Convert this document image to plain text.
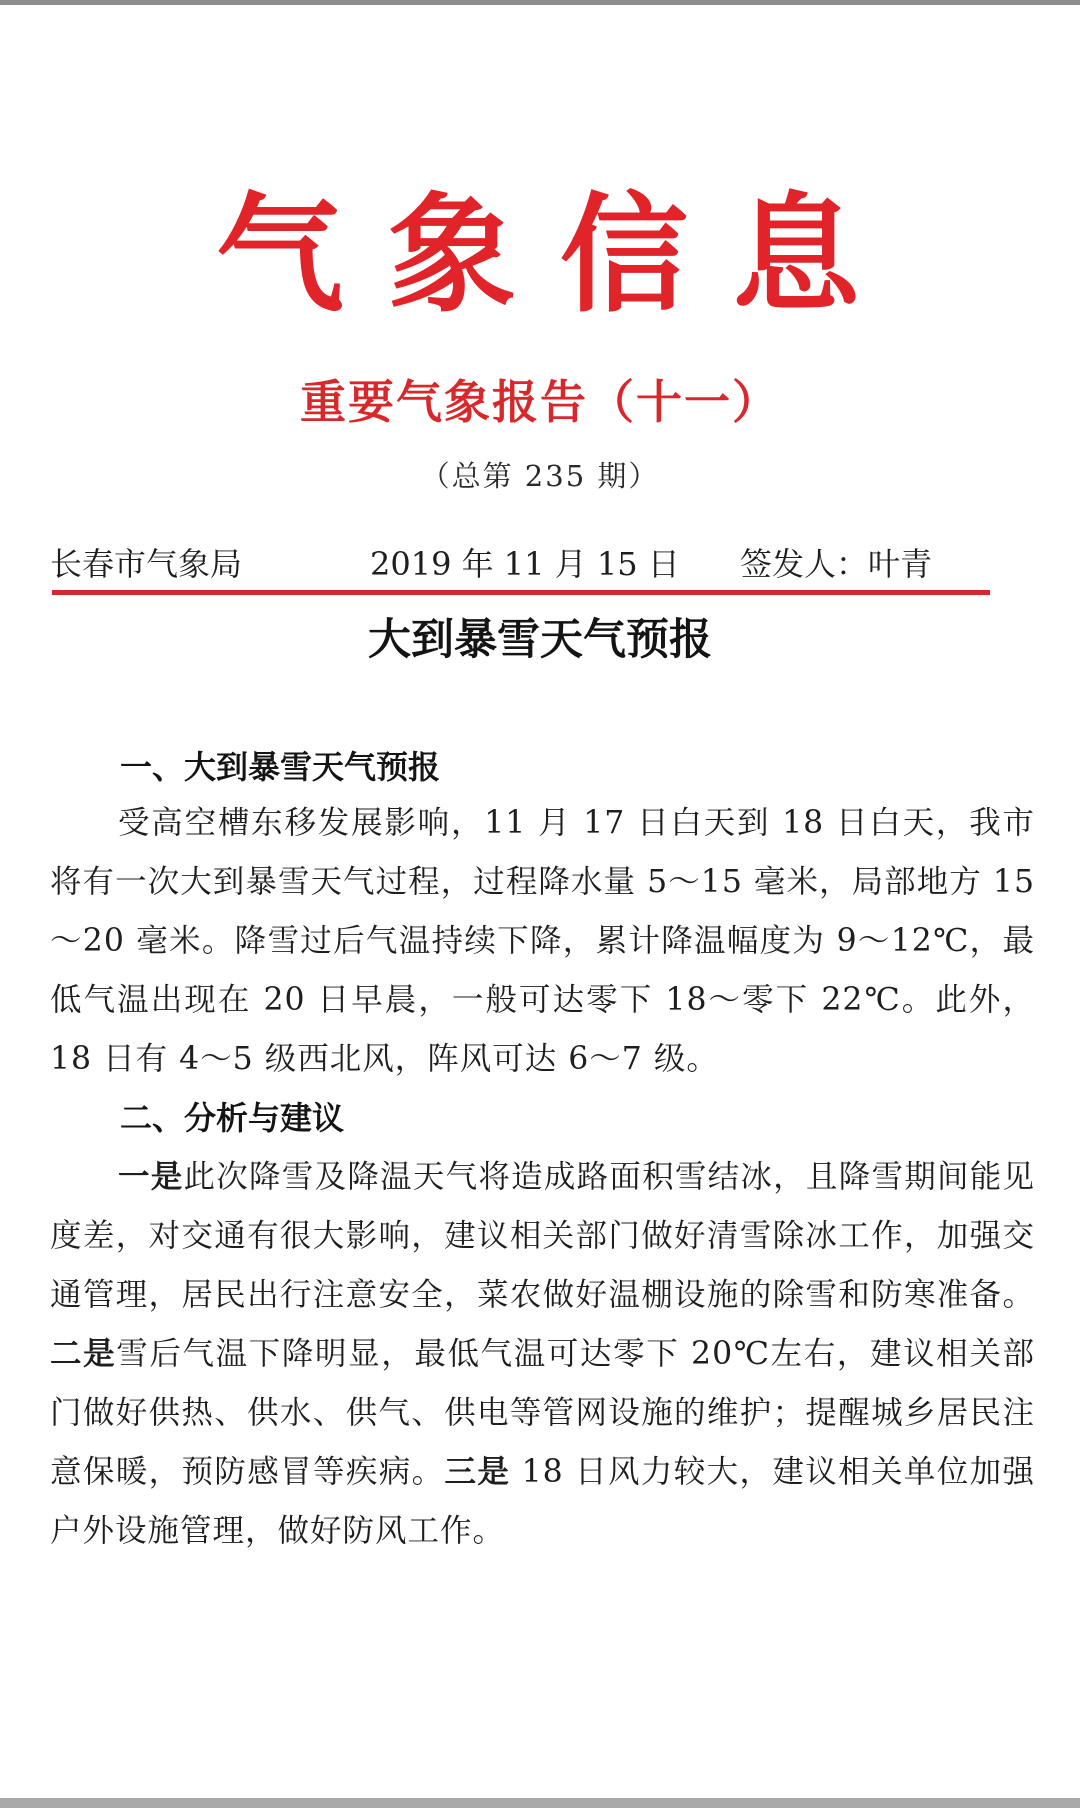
气象信息
重要气象报告（十一）
（总第 235 期）
长春市气象局	2019 年 11 月 15 日 签发人：叶青
大到暴雪天气预报
一、大到暴雪天气预报

受高空槽东移发展影响，11 月 17 日白天到 18 日白天，我市将有一次大到暴雪天气过程，过程降水量 5～15 毫米，局部地方 15～20 毫米。降雪过后气温持续下降，累计降温幅度为 9～12℃，最低气温出现在 20 日早晨，一般可达零下 18～零下 22℃。此外，18 日有 4～5 级西北风，阵风可达 6～7 级。

二、分析与建议

一是此次降雪及降温天气将造成路面积雪结冰，且降雪期间能见度差，对交通有很大影响，建议相关部门做好清雪除冰工作，加强交通管理，居民出行注意安全，菜农做好温棚设施的除雪和防寒准备。二是雪后气温下降明显，最低气温可达零下 20℃左右，建议相关部门做好供热、供水、供气、供电等管网设施的维护；提醒城乡居民注意保暖，预防感冒等疾病。三是 18 日风力较大，建议相关单位加强户外设施管理，做好防风工作。
